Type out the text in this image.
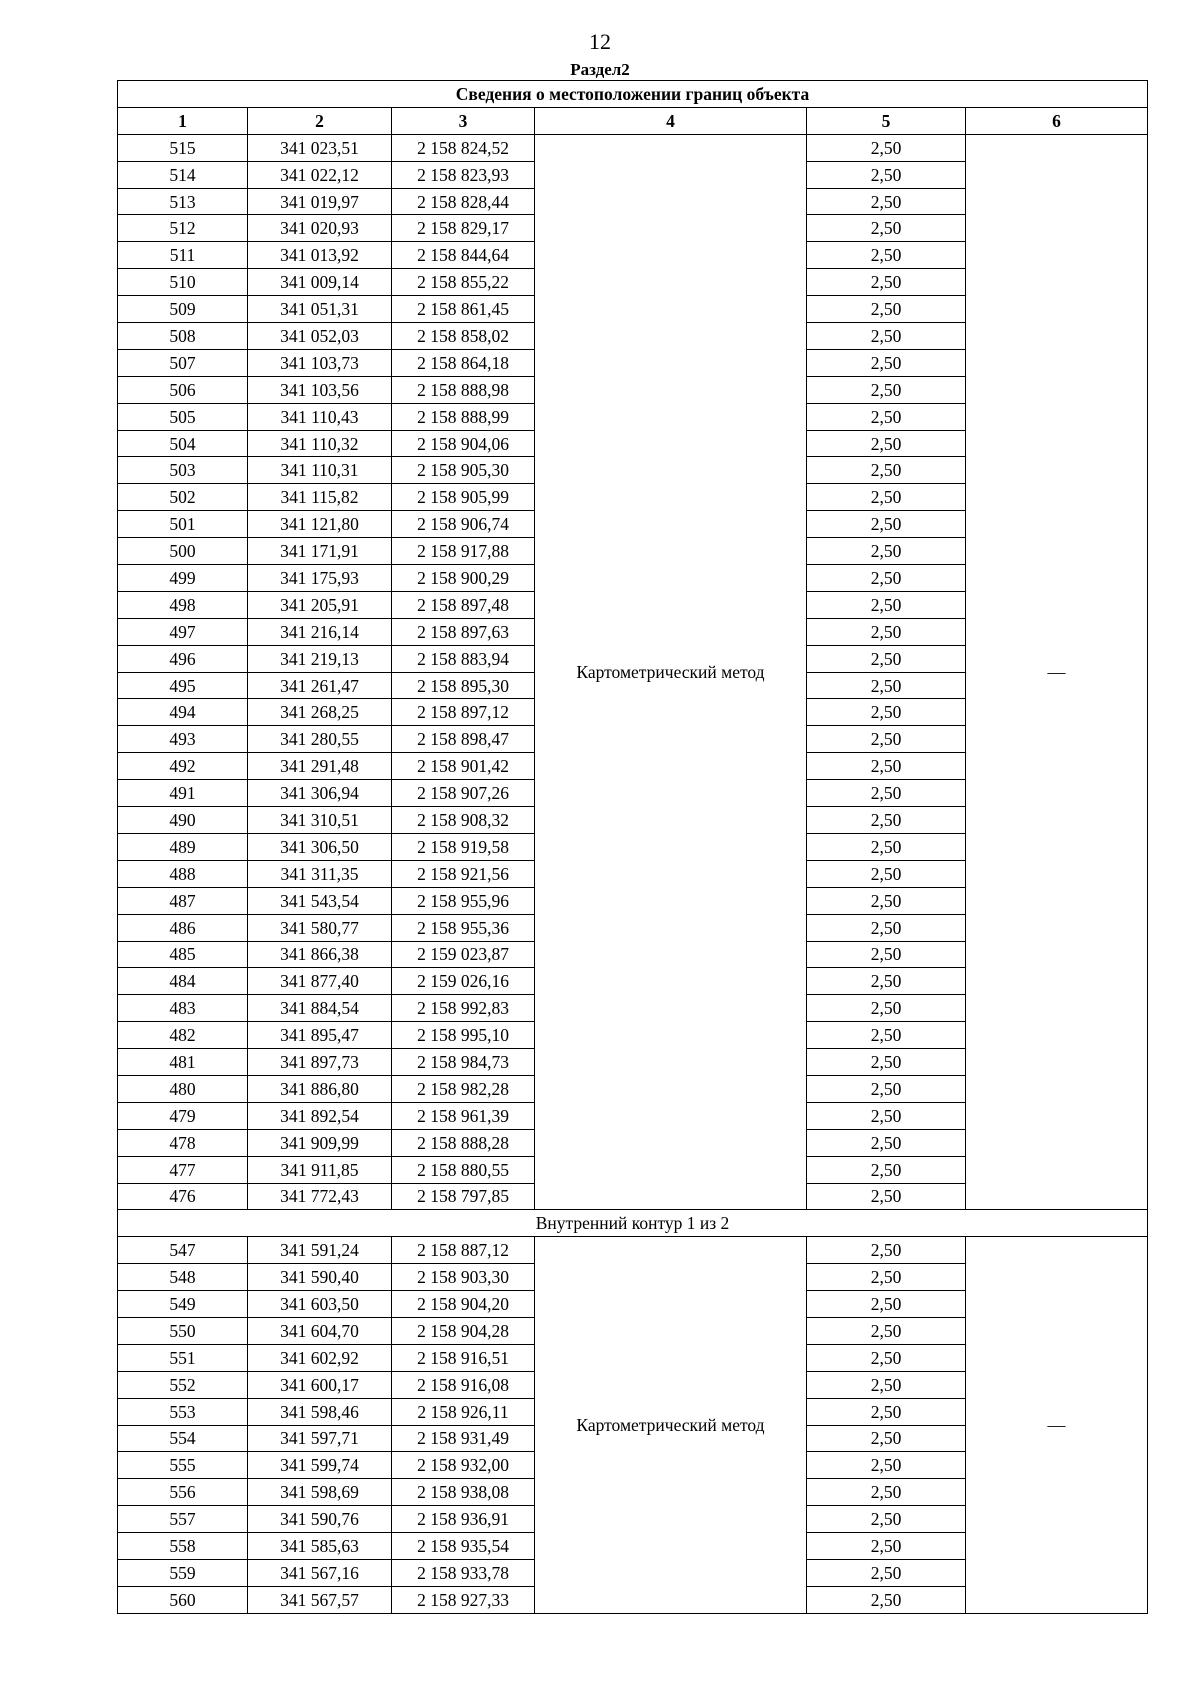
12
Раздел2
Сведения о местоположении границ объекта					
1	2	3	4	5	6
515	341 023,51	2 158 824,52	Картометрический метод	2,50	—
514	341 022,12	2 158 823,93		2,50	
513	341 019,97	2 158 828,44		2,50	
512	341 020,93	2 158 829,17		2,50	
511	341 013,92	2 158 844,64		2,50	
510	341 009,14	2 158 855,22		2,50	
509	341 051,31	2 158 861,45		2,50	
508	341 052,03	2 158 858,02		2,50	
507	341 103,73	2 158 864,18		2,50	
506	341 103,56	2 158 888,98		2,50	
505	341 110,43	2 158 888,99		2,50	
504	341 110,32	2 158 904,06		2,50	
503	341 110,31	2 158 905,30		2,50	
502	341 115,82	2 158 905,99		2,50	
501	341 121,80	2 158 906,74		2,50	
500	341 171,91	2 158 917,88		2,50	
499	341 175,93	2 158 900,29		2,50	
498	341 205,91	2 158 897,48		2,50	
497	341 216,14	2 158 897,63		2,50	
496	341 219,13	2 158 883,94		2,50	
495	341 261,47	2 158 895,30		2,50	
494	341 268,25	2 158 897,12		2,50	
493	341 280,55	2 158 898,47		2,50	
492	341 291,48	2 158 901,42		2,50	
491	341 306,94	2 158 907,26		2,50	
490	341 310,51	2 158 908,32		2,50	
489	341 306,50	2 158 919,58		2,50	
488	341 311,35	2 158 921,56		2,50	
487	341 543,54	2 158 955,96		2,50	
486	341 580,77	2 158 955,36		2,50	
485	341 866,38	2 159 023,87		2,50	
484	341 877,40	2 159 026,16		2,50	
483	341 884,54	2 158 992,83		2,50	
482	341 895,47	2 158 995,10		2,50	
481	341 897,73	2 158 984,73		2,50	
480	341 886,80	2 158 982,28		2,50	
479	341 892,54	2 158 961,39		2,50	
478	341 909,99	2 158 888,28		2,50	
477	341 911,85	2 158 880,55		2,50	
476	341 772,43	2 158 797,85		2,50	
Внутренний контур 1 из 2					
547	341 591,24	2 158 887,12	Картометрический метод	2,50	—
548	341 590,40	2 158 903,30		2,50	
549	341 603,50	2 158 904,20		2,50	
550	341 604,70	2 158 904,28		2,50	
551	341 602,92	2 158 916,51		2,50	
552	341 600,17	2 158 916,08		2,50	
553	341 598,46	2 158 926,11		2,50	
554	341 597,71	2 158 931,49		2,50	
555	341 599,74	2 158 932,00		2,50	
556	341 598,69	2 158 938,08		2,50	
557	341 590,76	2 158 936,91		2,50	
558	341 585,63	2 158 935,54		2,50	
559	341 567,16	2 158 933,78		2,50	
560	341 567,57	2 158 927,33		2,50	
